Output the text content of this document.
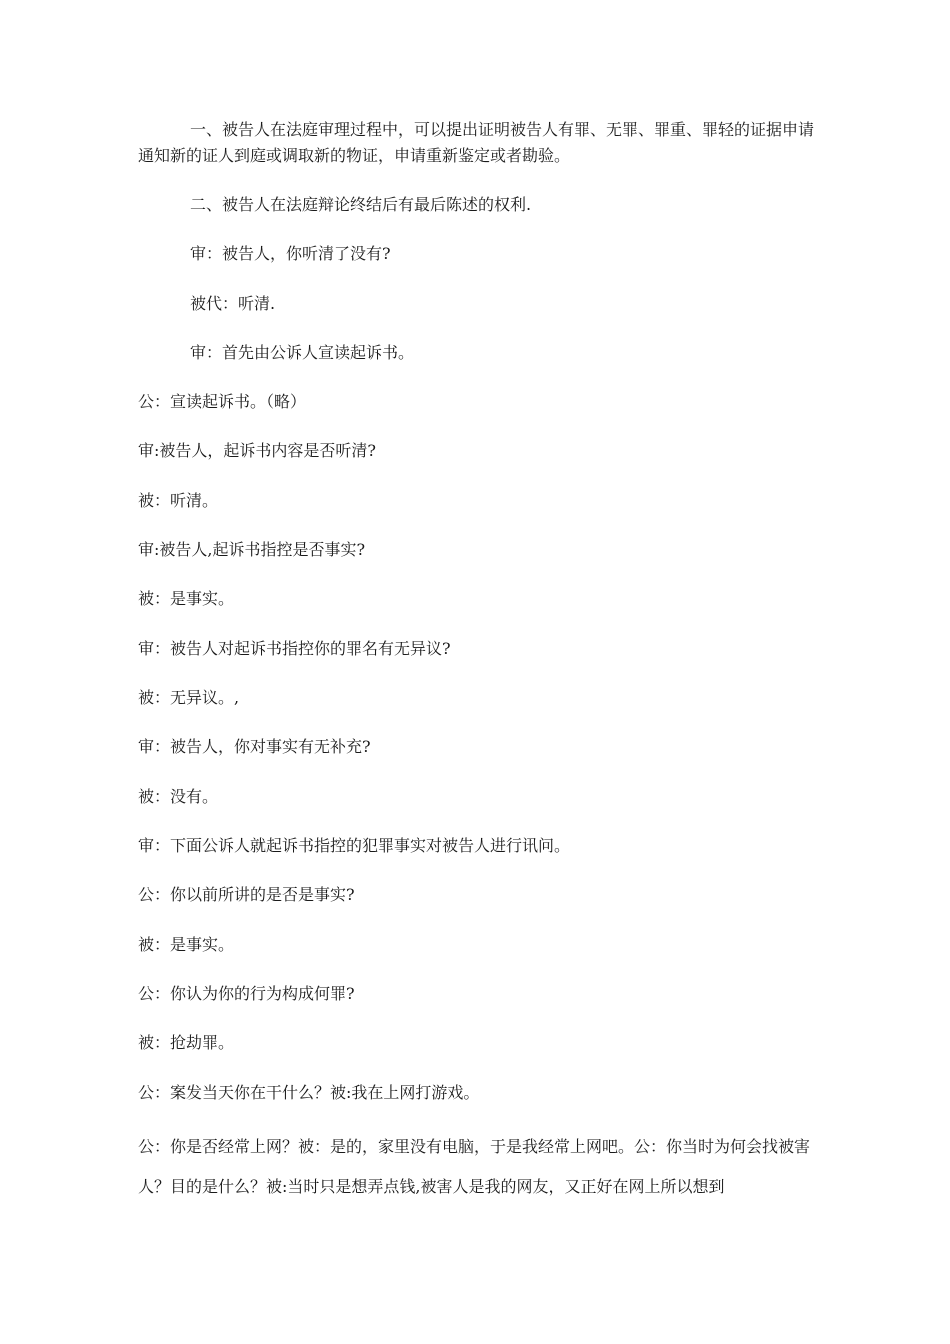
一、被告人在法庭审理过程中，可以提出证明被告人有罪、无罪、罪重、罪轻的证据申请通知新的证人到庭或调取新的物证，申请重新鉴定或者勘验。

二、被告人在法庭辩论终结后有最后陈述的权利.

审：被告人，你听清了没有?

被代：听清.

审：首先由公诉人宣读起诉书。

公：宣读起诉书。（略）

审:被告人，起诉书内容是否听清?

被：听清。

审:被告人,起诉书指控是否事实?

被：是事实。

审：被告人对起诉书指控你的罪名有无异议?

被：无异议。,

审：被告人，你对事实有无补充?

被：没有。

审：下面公诉人就起诉书指控的犯罪事实对被告人进行讯问。

公：你以前所讲的是否是事实?

被：是事实。

公：你认为你的行为构成何罪?

被：抢劫罪。

公：案发当天你在干什么？被:我在上网打游戏。

公：你是否经常上网？被：是的，家里没有电脑，于是我经常上网吧。公：你当时为何会找被害人？目的是什么？被:当时只是想弄点钱,被害人是我的网友，又正好在网上所以想到
